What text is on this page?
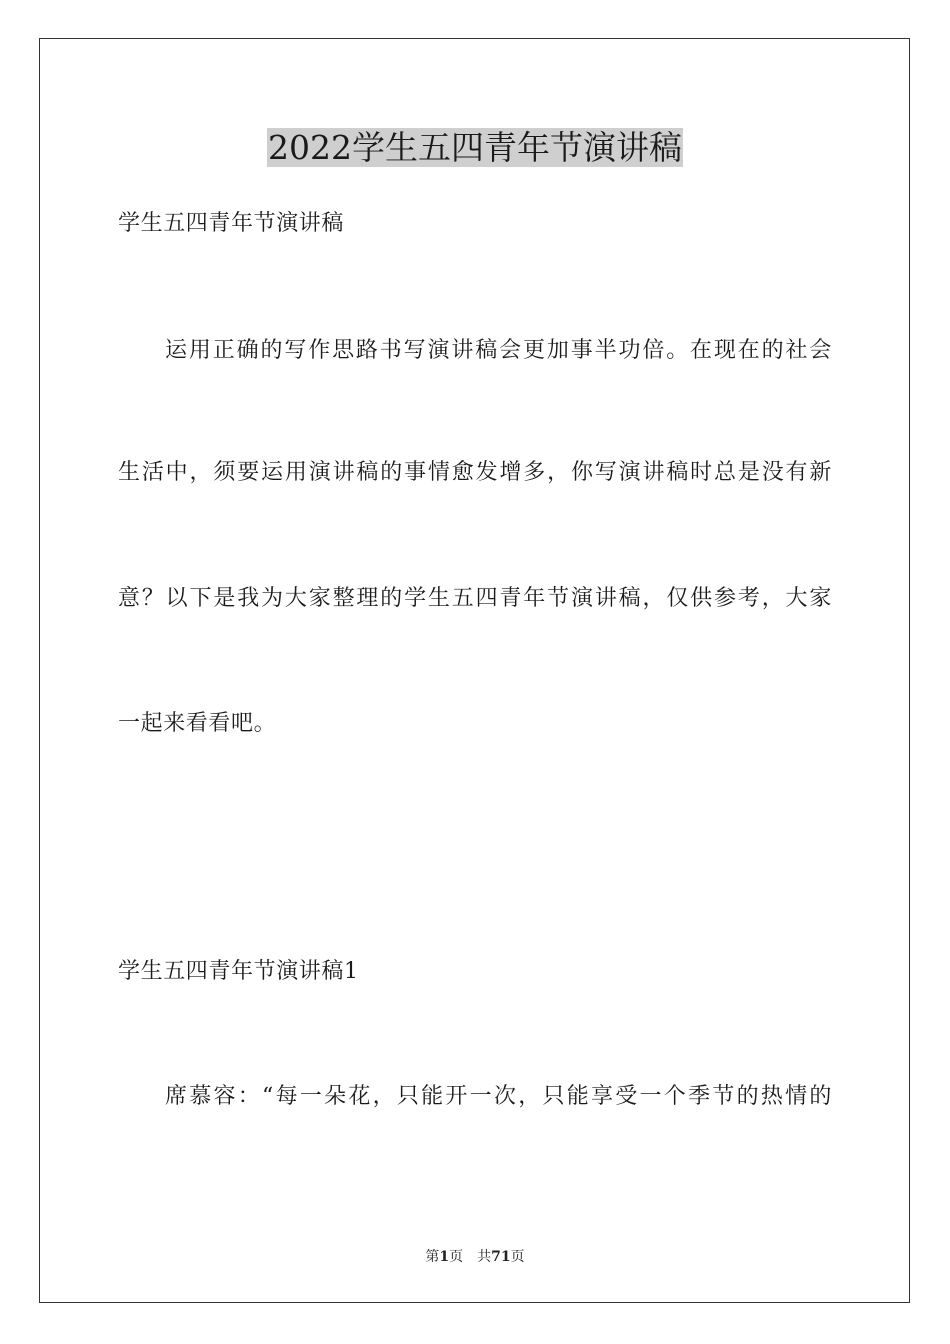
2022学生五四青年节演讲稿
学生五四青年节演讲稿
运用正确的写作思路书写演讲稿会更加事半功倍。在现在的社会
生活中，须要运用演讲稿的事情愈发增多，你写演讲稿时总是没有新
意？以下是我为大家整理的学生五四青年节演讲稿，仅供参考，大家
一起来看看吧。
学生五四青年节演讲稿1
席慕容：“每一朵花，只能开一次，只能享受一个季节的热情的
第1页 共71页
